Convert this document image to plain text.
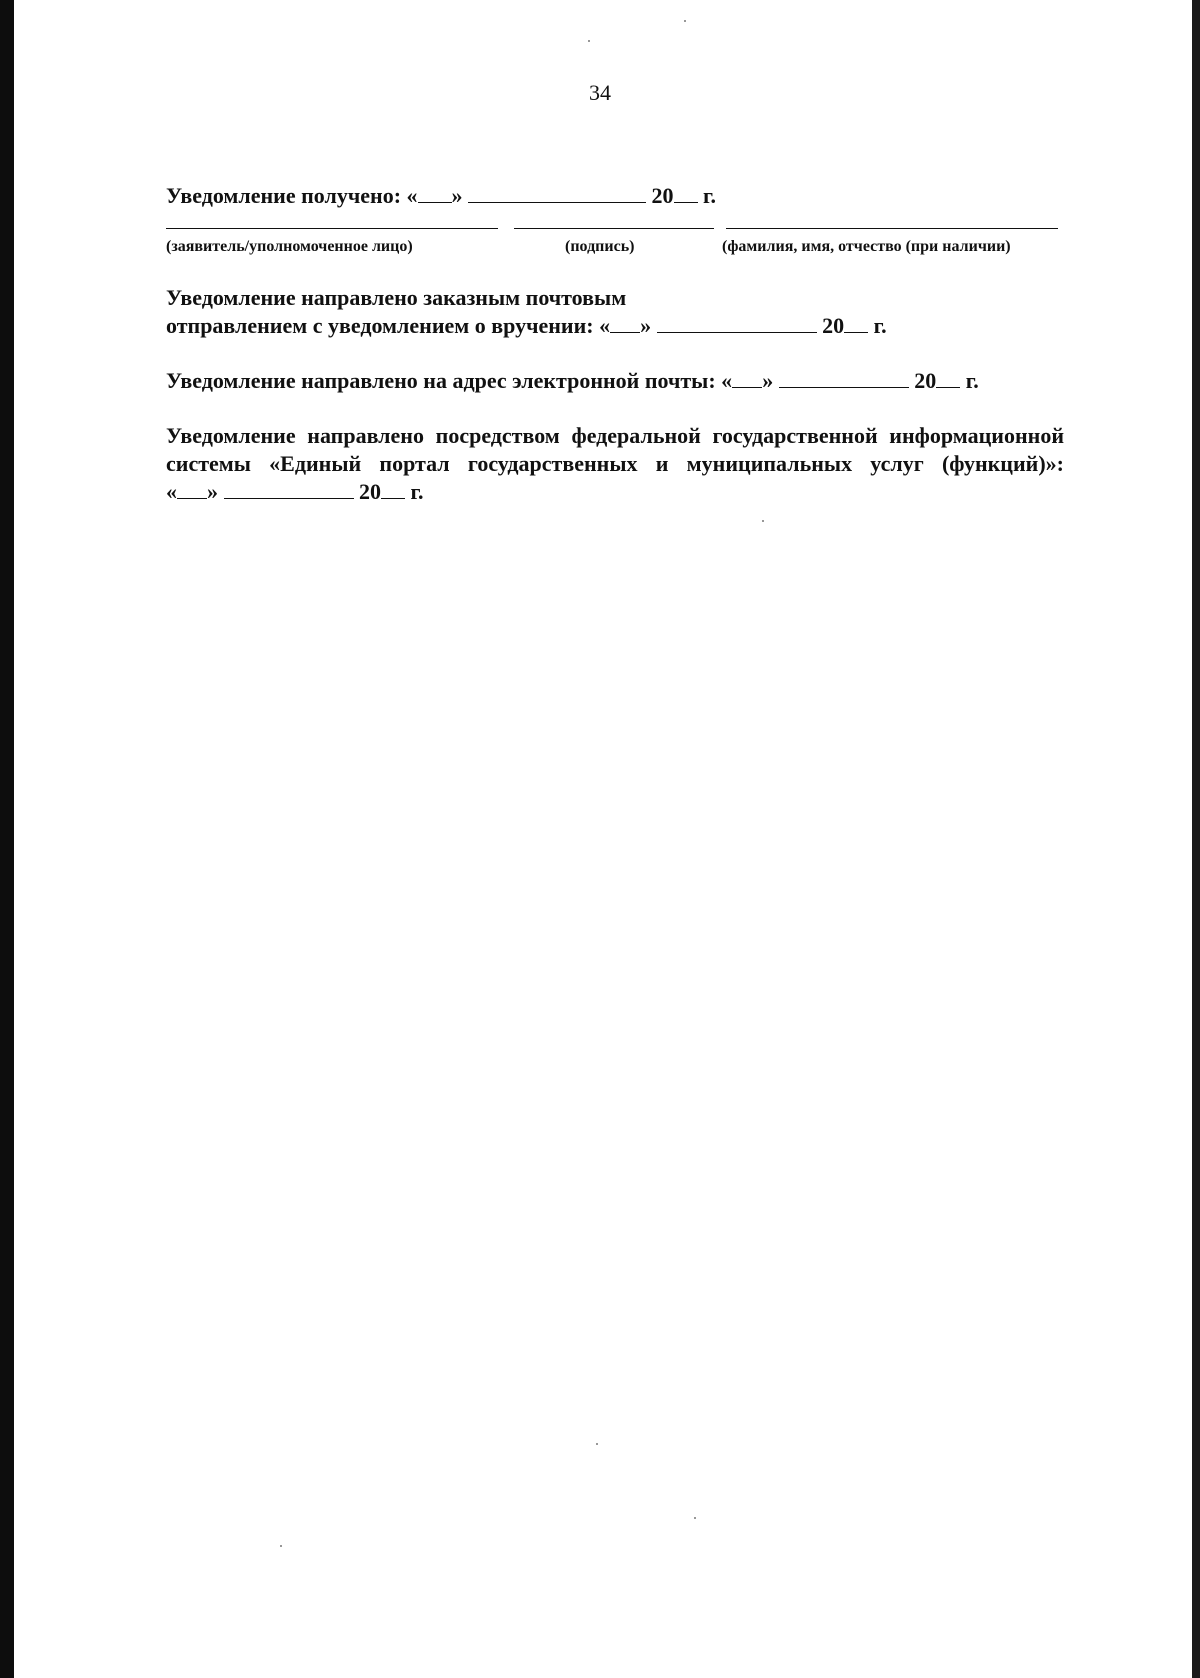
34
Уведомление получено: « »	20 г.
(заявитель/уполномоченное лицо)	(подпись)	(фамилия, имя, отчество (при наличии)
Уведомление направлено заказным почтовым
отправлением с уведомлением о вручении: « »	20 г.
Уведомление направлено на адрес электронной почты: « »	20 г.
Уведомление направлено посредством федеральной государственной информационной
системы «Единый портал государственных и муниципальных услуг (функций)»:
« »	20 г.
